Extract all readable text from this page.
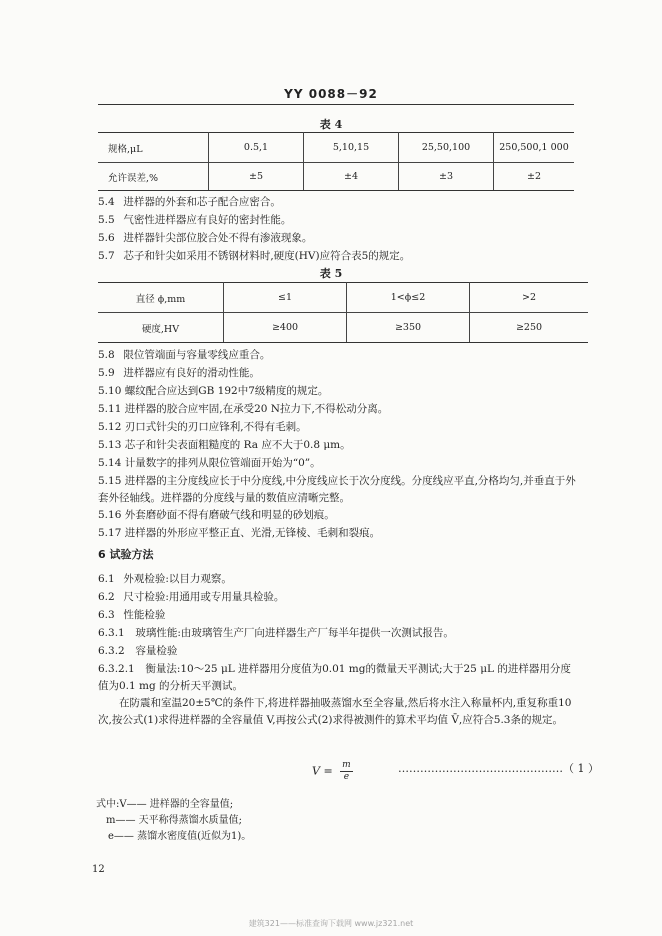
YY 0088－92
表 4
规格,μL	0.5,1	5,10,15	25,50,100	250,500,1 000
允许误差,%	±5	±4	±3	±2
5.4 进样器的外套和芯子配合应密合。
5.5 气密性进样器应有良好的密封性能。
5.6 进样器针尖部位胶合处不得有渗液现象。
5.7 芯子和针尖如采用不锈钢材料时,硬度(HV)应符合表5的规定。
表 5
直径 ϕ,mm	≤1	1<ϕ≤2	>2
硬度,HV	≥400	≥350	≥250
5.8 限位管端面与容量零线应重合。
5.9 进样器应有良好的滑动性能。
5.10 螺纹配合应达到GB 192中7级精度的规定。
5.11 进样器的胶合应牢固,在承受20 N拉力下,不得松动分离。
5.12 刃口式针尖的刃口应锋利,不得有毛刺。
5.13 芯子和针尖表面粗糙度的 Ra 应不大于0.8 μm。
5.14 计量数字的排列从限位管端面开始为“0”。
5.15 进样器的主分度线应长于中分度线,中分度线应长于次分度线。分度线应平直,分格均匀,并垂直于外套外径轴线。进样器的分度线与量的数值应清晰完整。
5.16 外套磨砂面不得有磨破气线和明显的砂划痕。
5.17 进样器的外形应平整正直、光滑,无锋棱、毛刺和裂痕。
6 试验方法
6.1 外观检验:以目力观察。
6.2 尺寸检验:用通用或专用量具检验。
6.3 性能检验
6.3.1 玻璃性能:由玻璃管生产厂向进样器生产厂每半年提供一次测试报告。
6.3.2 容量检验
6.3.2.1 衡量法:10～25 μL 进样器用分度值为0.01 mg的微量天平测试;大于25 μL 的进样器用分度值为0.1 mg 的分析天平测试。
在防震和室温20±5℃的条件下,将进样器抽吸蒸馏水至全容量,然后将水注入称量杯内,重复称重10次,按公式(1)求得进样器的全容量值 V,再按公式(2)求得被测件的算术平均值 V̄,应符合5.3条的规定。
$V = \frac{m}{e}$	………………………………………（ 1 ）
式中:V—— 进样器的全容量值;
m—— 天平称得蒸馏水质量值;
e—— 蒸馏水密度值(近似为1)。
12
建筑321——标准查询下载网 www.jz321.net
